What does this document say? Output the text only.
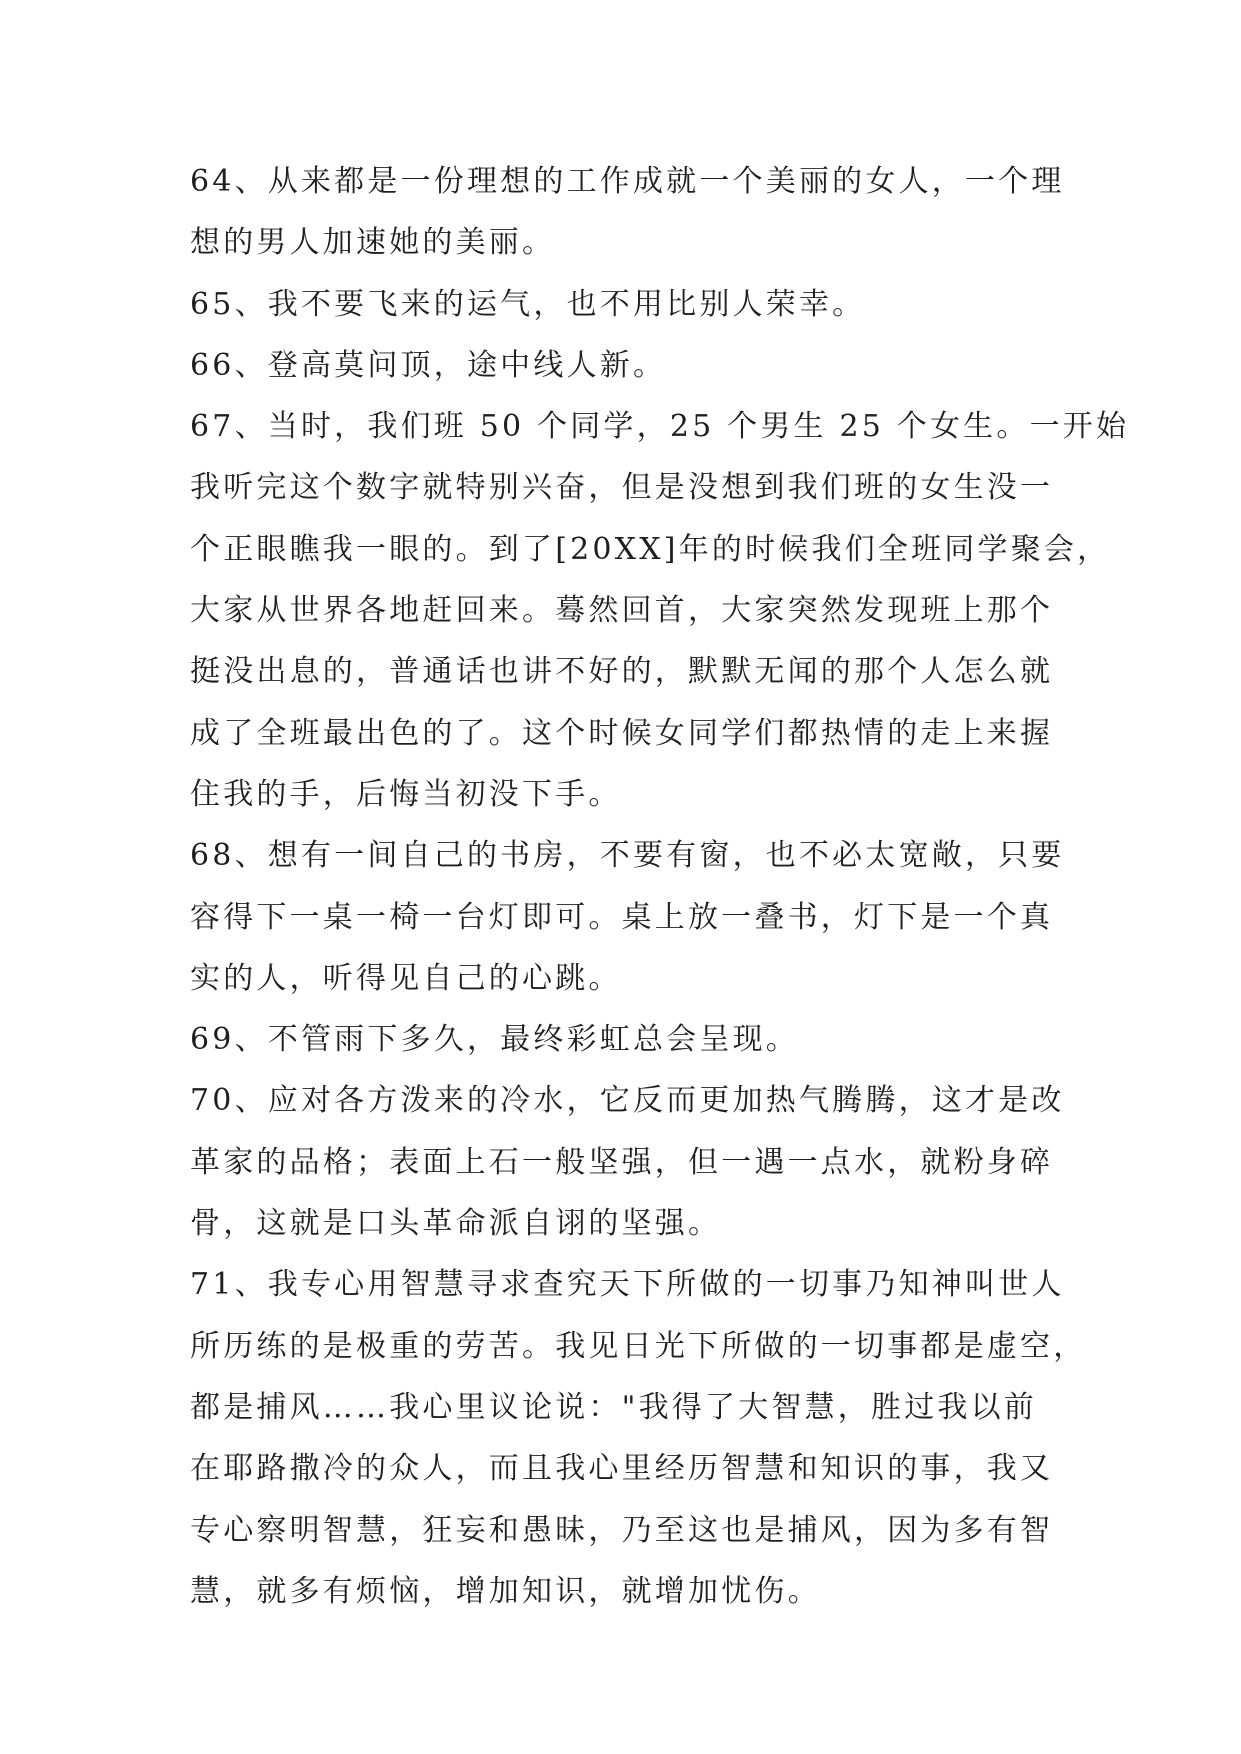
64、从来都是一份理想的工作成就一个美丽的女人，一个理
想的男人加速她的美丽。
65、我不要飞来的运气，也不用比别人荣幸。
66、登高莫问顶，途中线人新。
67、当时，我们班 50 个同学，25 个男生 25 个女生。一开始
我听完这个数字就特别兴奋，但是没想到我们班的女生没一
个正眼瞧我一眼的。到了[20XX]年的时候我们全班同学聚会，
大家从世界各地赶回来。蓦然回首，大家突然发现班上那个
挺没出息的，普通话也讲不好的，默默无闻的那个人怎么就
成了全班最出色的了。这个时候女同学们都热情的走上来握
住我的手，后悔当初没下手。
68、想有一间自己的书房，不要有窗，也不必太宽敞，只要
容得下一桌一椅一台灯即可。桌上放一叠书，灯下是一个真
实的人，听得见自己的心跳。
69、不管雨下多久，最终彩虹总会呈现。
70、应对各方泼来的冷水，它反而更加热气腾腾，这才是改
革家的品格；表面上石一般坚强，但一遇一点水，就粉身碎
骨，这就是口头革命派自诩的坚强。
71、我专心用智慧寻求查究天下所做的一切事乃知神叫世人
所历练的是极重的劳苦。我见日光下所做的一切事都是虚空，
都是捕风……我心里议论说："我得了大智慧，胜过我以前
在耶路撒冷的众人，而且我心里经历智慧和知识的事，我又
专心察明智慧，狂妄和愚昧，乃至这也是捕风，因为多有智
慧，就多有烦恼，增加知识，就增加忧伤。
